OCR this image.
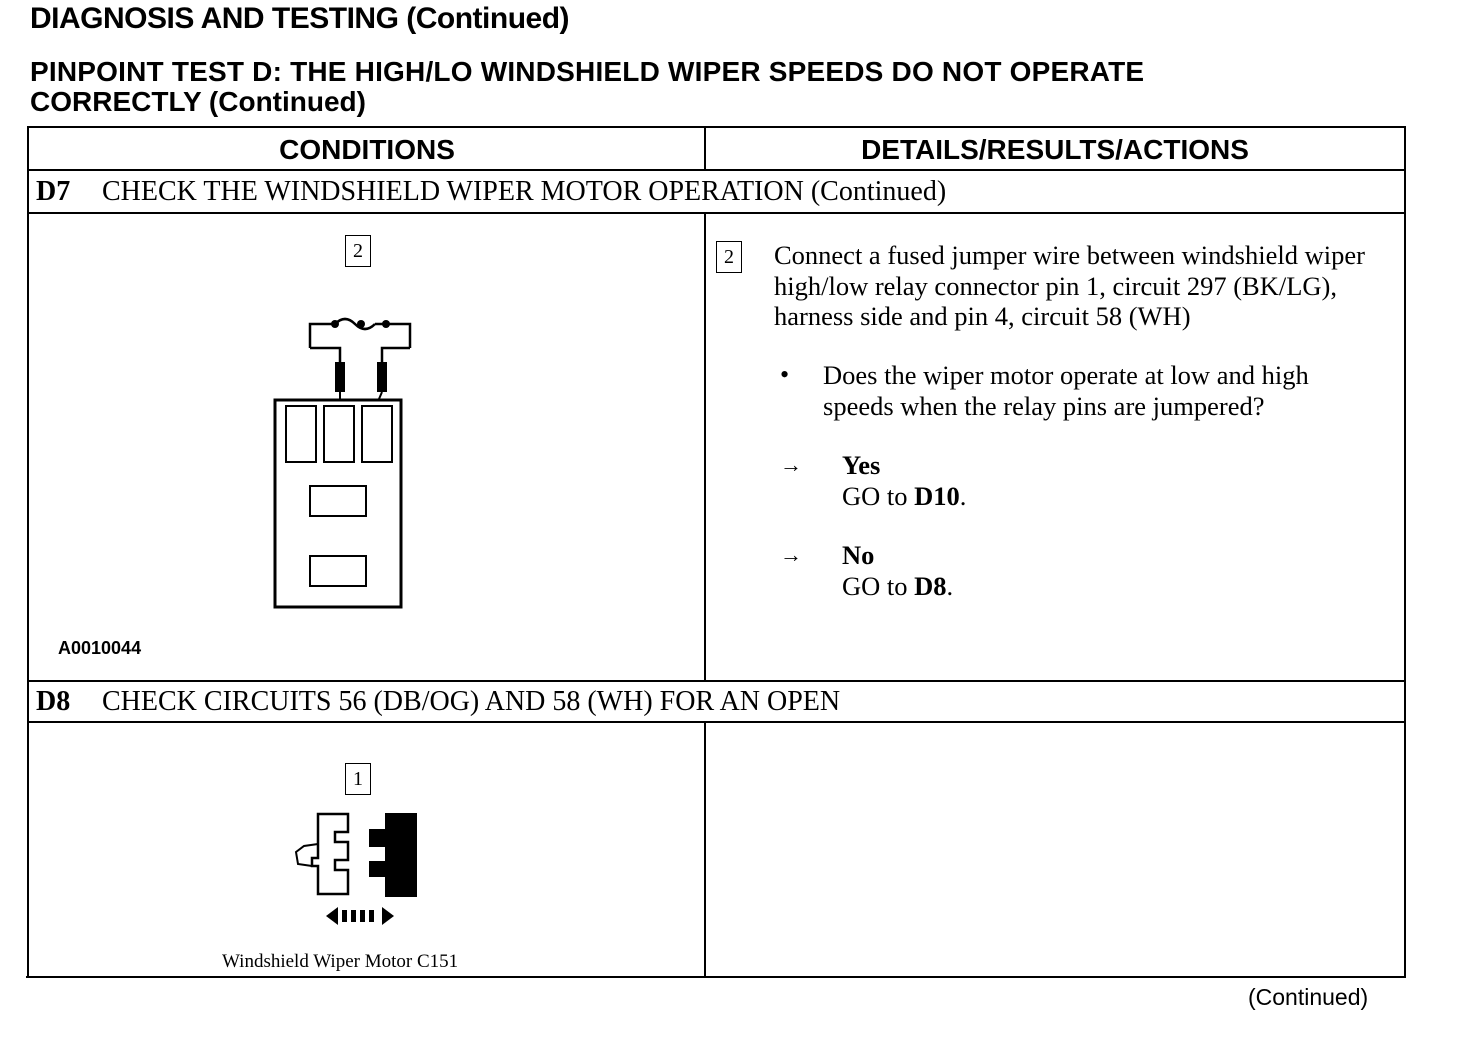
DIAGNOSIS AND TESTING (Continued)
PINPOINT TEST D: THE HIGH/LO WINDSHIELD WIPER SPEEDS DO NOT OPERATE
CORRECTLY (Continued)
CONDITIONS	DETAILS/RESULTS/ACTIONS
D7 CHECK THE WINDSHIELD WIPER MOTOR OPERATION (Continued)
2
A0010044
2	Connect a fused jumper wire between windshield wiper high/low relay connector pin 1, circuit 297 (BK/LG), harness side and pin 4, circuit 58 (WH)
• Does the wiper motor operate at low and high speeds when the relay pins are jumpered?
→ Yes
GO to D10.
→ No
GO to D8.
D8 CHECK CIRCUITS 56 (DB/OG) AND 58 (WH) FOR AN OPEN
1
Windshield Wiper Motor C151
(Continued)
